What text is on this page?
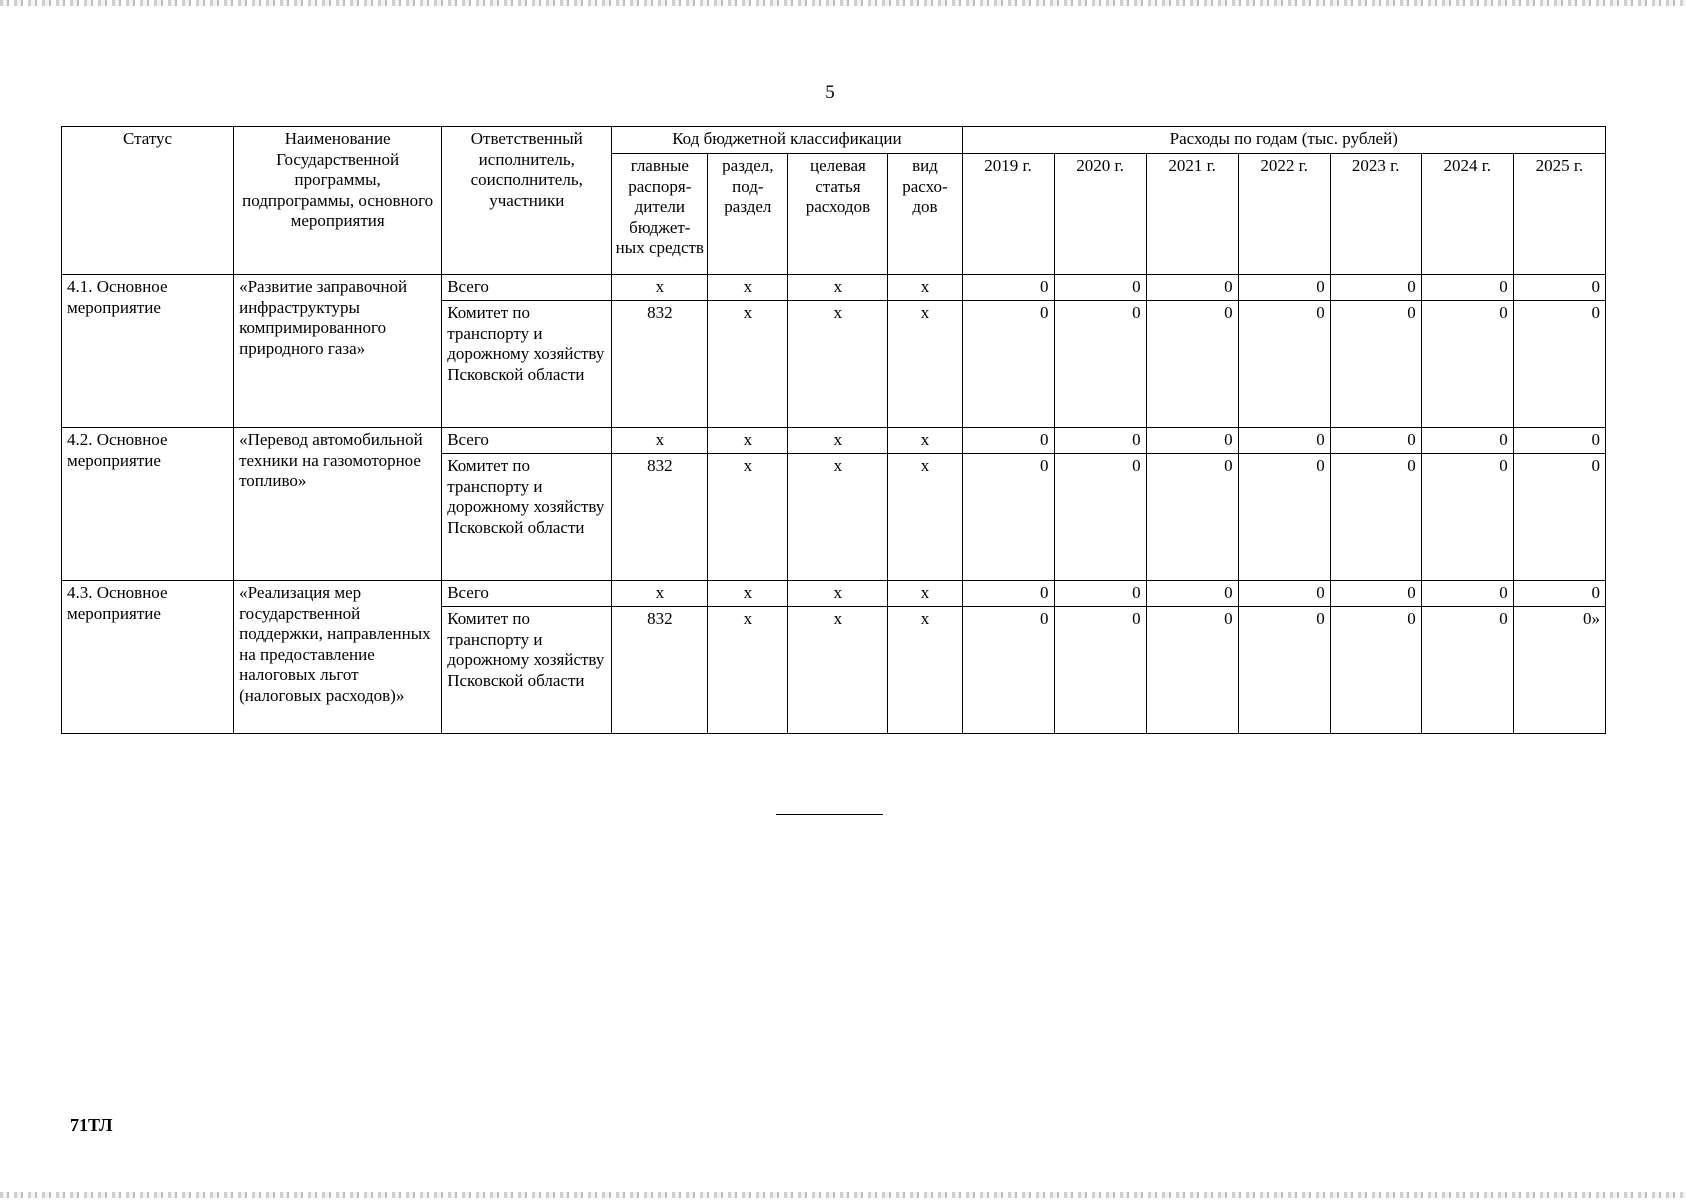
5
Статус	Наименование Государственной программы, подпрограммы, основного мероприятия	Ответственный исполнитель, соисполнитель, участники	Код бюджетной классификации				Расходы по годам (тыс. рублей)						
			главные распоря-дители бюджет-ных средств	раздел, под-раздел	целевая статья расходов	вид расхо-дов	2019 г.	2020 г.	2021 г.	2022 г.	2023 г.	2024 г.	2025 г.
4.1. Основное мероприятие	«Развитие заправочной инфраструктуры компримированного природного газа»	Всего	х	х	х	х	0	0	0	0	0	0	0
		Комитет по транспорту и дорожному хозяйству Псковской области	832	х	х	х	0	0	0	0	0	0	0
4.2. Основное мероприятие	«Перевод автомобильной техники на газомоторное топливо»	Всего	х	х	х	х	0	0	0	0	0	0	0
		Комитет по транспорту и дорожному хозяйству Псковской области	832	х	х	х	0	0	0	0	0	0	0
4.3. Основное мероприятие	«Реализация мер государственной поддержки, направленных на предоставление налоговых льгот (налоговых расходов)»	Всего	х	х	х	х	0	0	0	0	0	0	0
		Комитет по транспорту и дорожному хозяйству Псковской области	832	х	х	х	0	0	0	0	0	0	0»
71ТЛ
